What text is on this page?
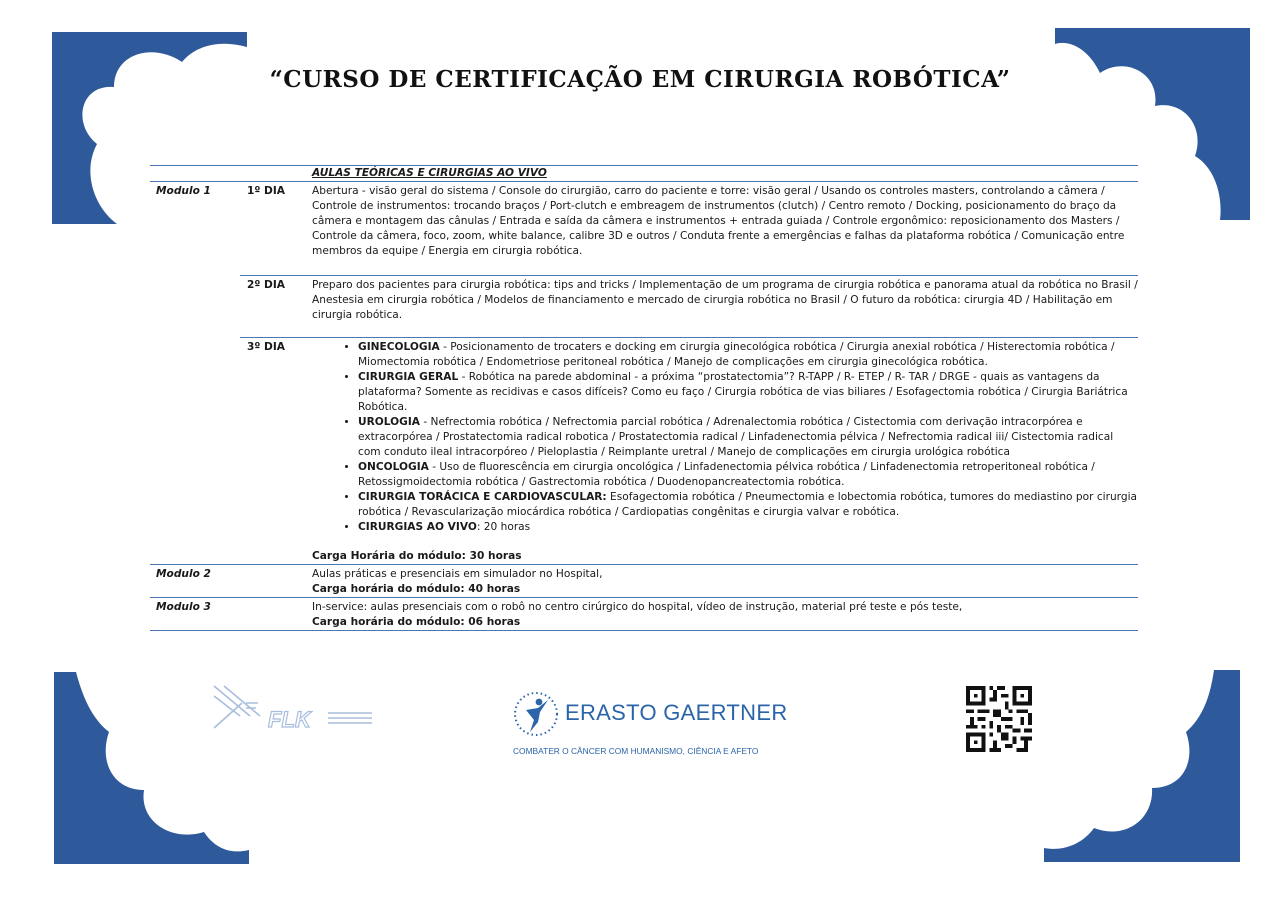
“CURSO DE CERTIFICAÇÃO EM CIRURGIA ROBÓTICA”
AULAS TEÓRICAS E CIRURGIAS AO VIVO
Modulo 1	1º DIA	Abertura - visão geral do sistema / Console do cirurgião, carro do paciente e torre: visão geral / Usando os controles masters, controlando a câmera / Controle de instrumentos: trocando braços / Port-clutch e embreagem de instrumentos (clutch) / Centro remoto / Docking, posicionamento do braço da câmera e montagem das cânulas / Entrada e saída da câmera e instrumentos + entrada guiada / Controle ergonômico: reposicionamento dos Masters / Controle da câmera, foco, zoom, white balance, calibre 3D e outros / Conduta frente a emergências e falhas da plataforma robótica / Comunicação entre membros da equipe / Energia em cirurgia robótica.
2º DIA	Preparo dos pacientes para cirurgia robótica: tips and tricks / Implementação de um programa de cirurgia robótica e panorama atual da robótica no Brasil / Anestesia em cirurgia robótica / Modelos de financiamento e mercado de cirurgia robótica no Brasil / O futuro da robótica: cirurgia 4D / Habilitação em cirurgia robótica.
3º DIA	• GINECOLOGIA - Posicionamento de trocaters e docking em cirurgia ginecológica robótica / Cirurgia anexial robótica / Histerectomia robótica / Miomectomia robótica / Endometriose peritoneal robótica / Manejo de complicações em cirurgia ginecológica robótica.
• CIRURGIA GERAL - Robótica na parede abdominal - a próxima “prostatectomia”? R-TAPP / R- ETEP / R- TAR / DRGE - quais as vantagens da plataforma? Somente as recidivas e casos difíceis? Como eu faço / Cirurgia robótica de vias biliares / Esofagectomia robótica / Cirurgia Bariátrica Robótica.
• UROLOGIA - Nefrectomia robótica / Nefrectomia parcial robótica / Adrenalectomia robótica / Cistectomia com derivação intracorpórea e extracorpórea / Prostatectomia radical robotica / Prostatectomia radical / Linfadenectomia pélvica / Nefrectomia radical iii/ Cistectomia radical com conduto ileal intracorpóreo / Pieloplastia / Reimplante uretral / Manejo de complicações em cirurgia urológica robótica
• ONCOLOGIA - Uso de fluorescência em cirurgia oncológica / Linfadenectomia pélvica robótica / Linfadenectomia retroperitoneal robótica / Retossigmoidectomia robótica / Gastrectomia robótica / Duodenopancreatectomia robótica.
• CIRURGIA TORÁCICA E CARDIOVASCULAR: Esofagectomia robótica / Pneumectomia e lobectomia robótica, tumores do mediastino por cirurgia robótica / Revascularização miocárdica robótica / Cardiopatias congênitas e cirurgia valvar e robótica.
• CIRURGIAS AO VIVO: 20 horas
Carga Horária do módulo: 30 horas
Modulo 2	Aulas práticas e presenciais em simulador no Hospital,
Carga horária do módulo: 40 horas
Modulo 3	In-service: aulas presenciais com o robô no centro cirúrgico do hospital, vídeo de instrução, material pré teste e pós teste,
Carga horária do módulo: 06 horas
FLK	ERASTO GAERTNER
COMBATER O CÂNCER COM HUMANISMO, CIÊNCIA E AFETO
